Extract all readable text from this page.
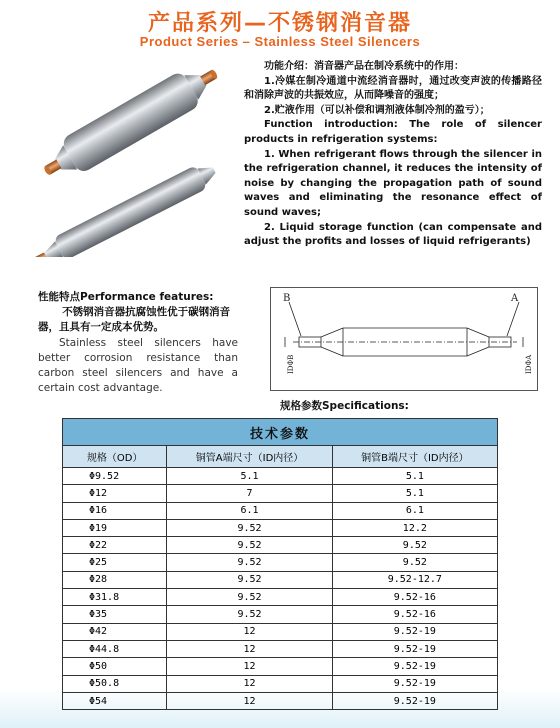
产品系列—不锈钢消音器
Product Series – Stainless Steel Silencers

功能介绍：消音器产品在制冷系统中的作用：

1.冷媒在制冷通道中流经消音器时，通过改变声波的传播路径和消除声波的共振效应，从而降噪音的强度；

2.贮液作用（可以补偿和调剂液体制冷剂的盈亏）；

Function introduction: The role of silencer products in refrigeration systems:

1. When refrigerant flows through the silencer in the refrigeration channel, it reduces the intensity of noise by changing the propagation path of sound waves and eliminating the resonance effect of sound waves;

2. Liquid storage function (can compensate and adjust the profits and losses of liquid refrigerants)

性能特点Performance features:
不锈钢消音器抗腐蚀性优于碳钢消音器，且具有一定成本优势。
Stainless steel silencers have better corrosion resistance than carbon steel silencers and have a certain cost advantage.
B	A
IDΦB	IDΦA
规格参数Specifications:
技术参数		
规格（OD）	铜管A端尺寸（ID内径）	铜管B端尺寸（ID内径）
Φ9.52	5.1	5.1
Φ12	7	5.1
Φ16	6.1	6.1
Φ19	9.52	12.2
Φ22	9.52	9.52
Φ25	9.52	9.52
Φ28	9.52	9.52-12.7
Φ31.8	9.52	9.52-16
Φ35	9.52	9.52-16
Φ42	12	9.52-19
Φ44.8	12	9.52-19
Φ50	12	9.52-19
Φ50.8	12	9.52-19
Φ54	12	9.52-19
